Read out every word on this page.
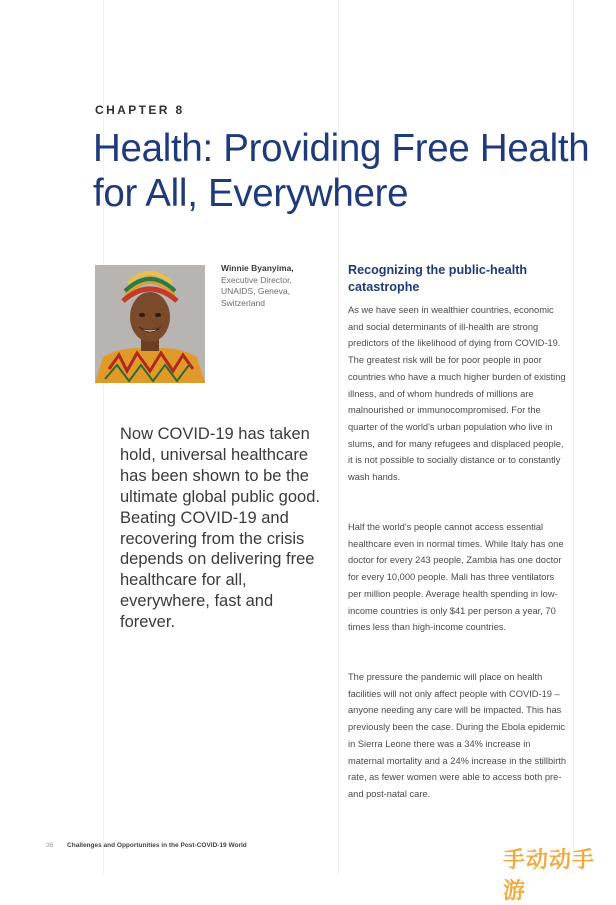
CHAPTER 8
Health: Providing Free Health for All, Everywhere
Winnie Byanyima,
Executive Director,
UNAIDS, Geneva,
Switzerland

Now COVID-19 has taken hold, universal healthcare has been shown to be the ultimate global public good. Beating COVID-19 and recovering from the crisis depends on delivering free healthcare for all, everywhere, fast and forever.

Recognizing the public-health catastrophe

As we have seen in wealthier countries, economic and social determinants of ill-health are strong predictors of the likelihood of dying from COVID-19. The greatest risk will be for poor people in poor countries who have a much higher burden of existing illness, and of whom hundreds of millions are malnourished or immunocompromised. For the quarter of the world's urban population who live in slums, and for many refugees and displaced people, it is not possible to socially distance or to constantly wash hands.

Half the world's people cannot access essential healthcare even in normal times. While Italy has one doctor for every 243 people, Zambia has one doctor for every 10,000 people. Mali has three ventilators per million people. Average health spending in low-income countries is only $41 per person a year, 70 times less than high-income countries.

The pressure the pandemic will place on health facilities will not only affect people with COVID-19 – anyone needing any care will be impacted. This has previously been the case. During the Ebola epidemic in Sierra Leone there was a 34% increase in maternal mortality and a 24% increase in the stillbirth rate, as fewer women were able to access both pre- and post-natal care.

36 Challenges and Opportunities in the Post-COVID-19 World
手动动手游
